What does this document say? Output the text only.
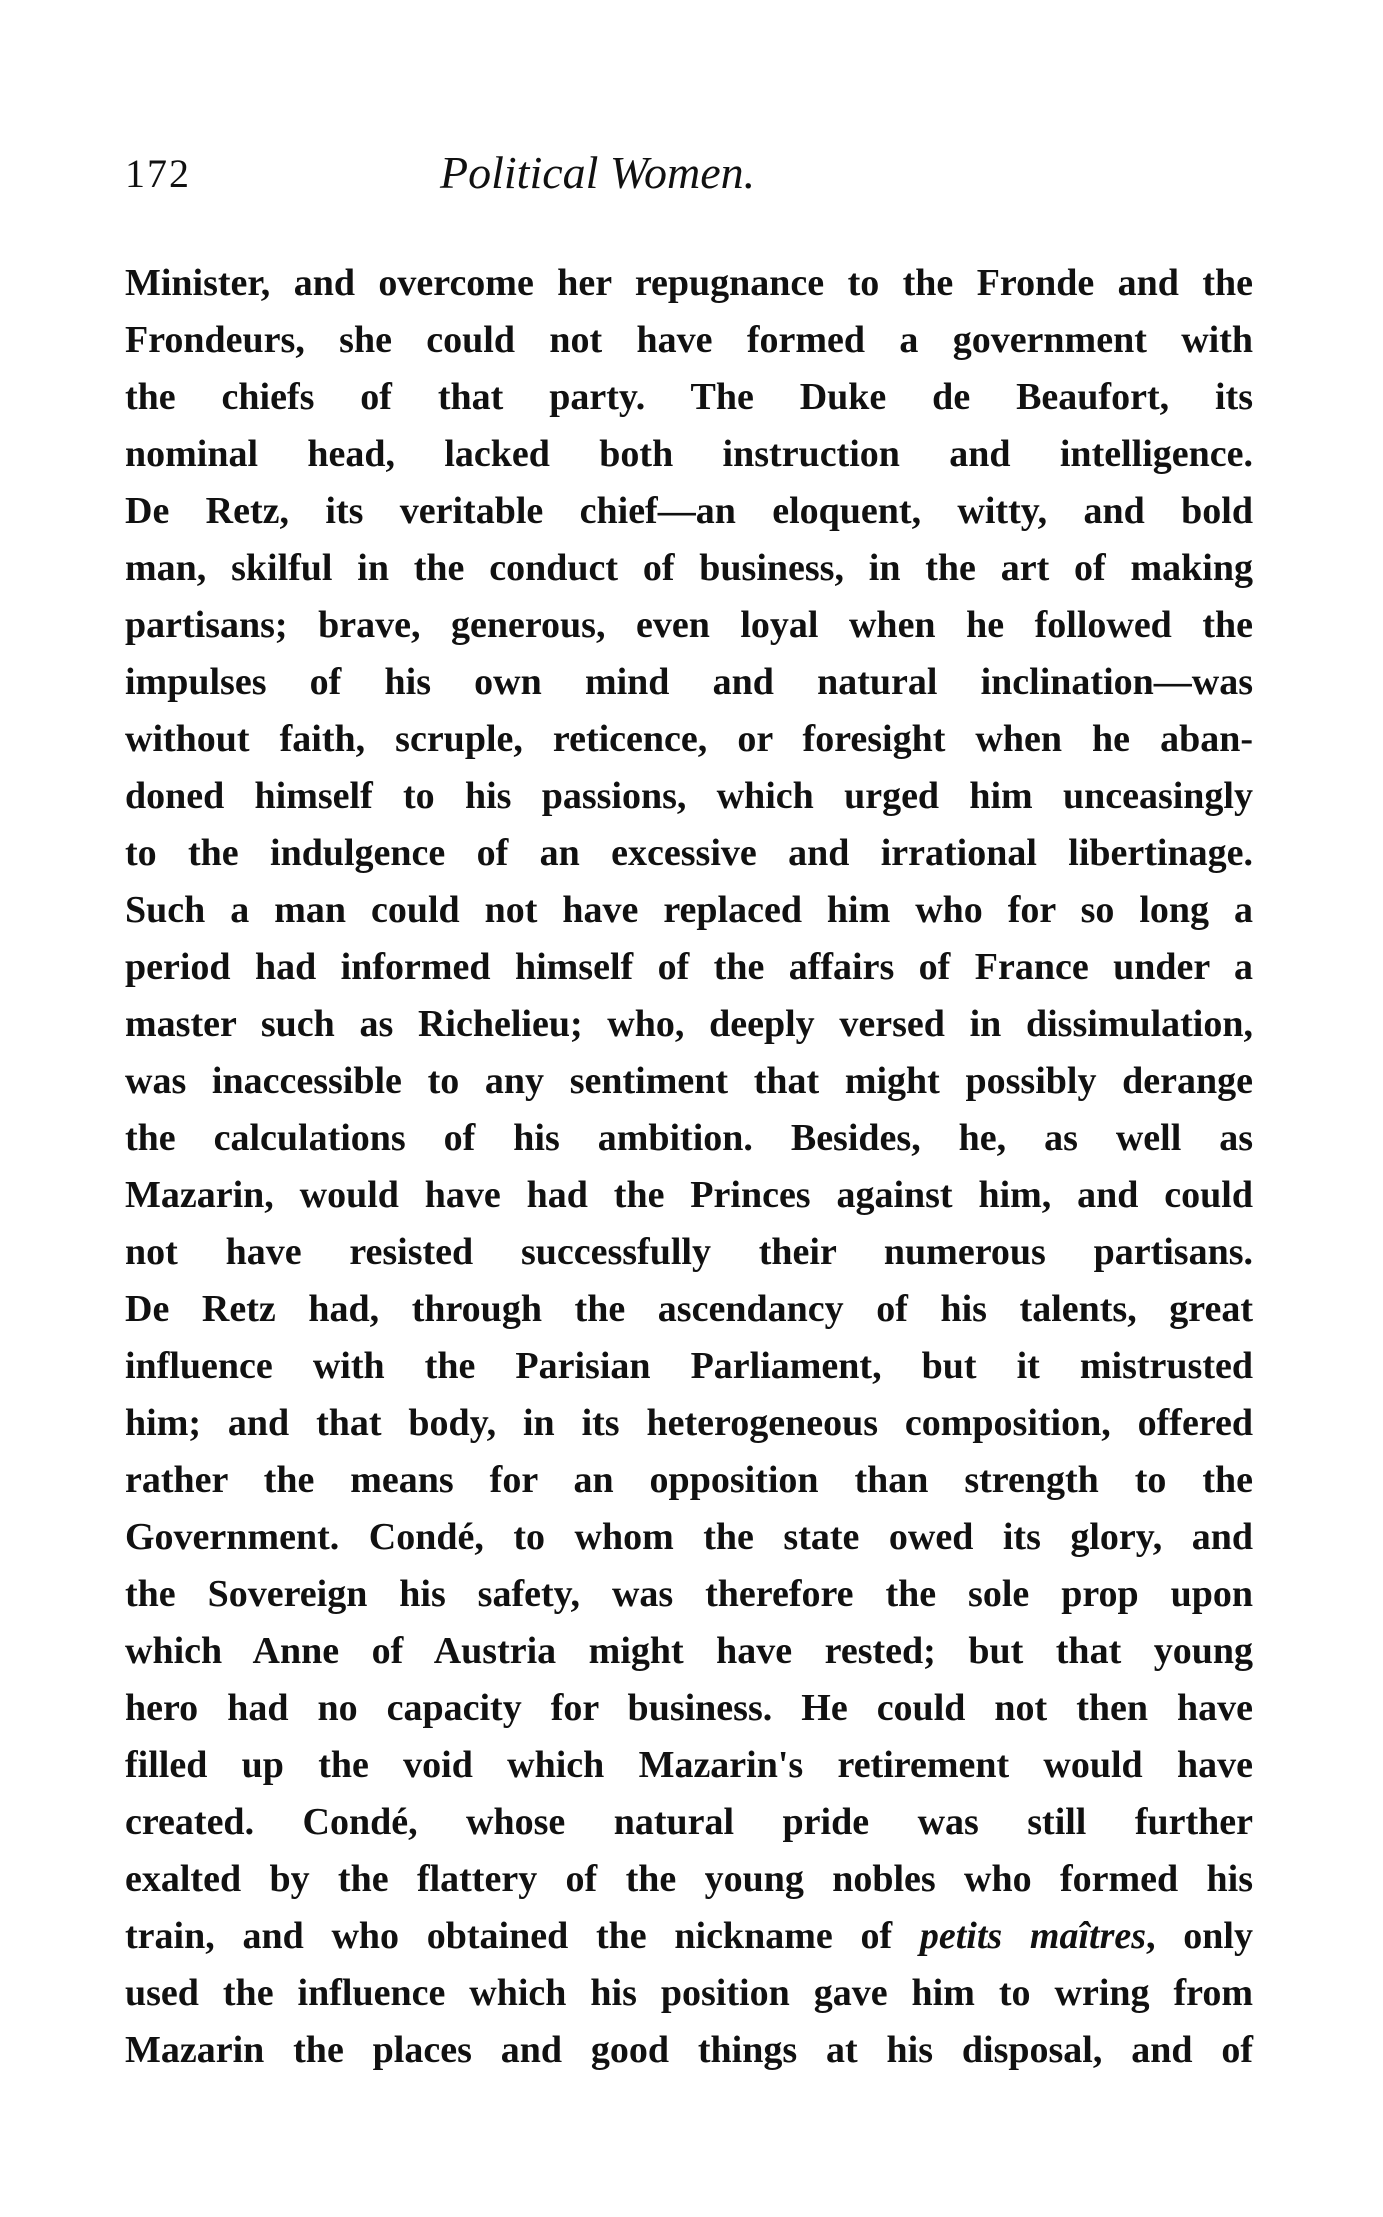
172	Political Women.
Minister, and overcome her repugnance to the Fronde and the
Frondeurs, she could not have formed a government with
the chiefs of that party. The Duke de Beaufort, its
nominal head, lacked both instruction and intelligence.
De Retz, its veritable chief—an eloquent, witty, and bold
man, skilful in the conduct of business, in the art of making
partisans; brave, generous, even loyal when he followed the
impulses of his own mind and natural inclination—was
without faith, scruple, reticence, or foresight when he aban-
doned himself to his passions, which urged him unceasingly
to the indulgence of an excessive and irrational libertinage.
Such a man could not have replaced him who for so long a
period had informed himself of the affairs of France under a
master such as Richelieu; who, deeply versed in dissimulation,
was inaccessible to any sentiment that might possibly derange
the calculations of his ambition. Besides, he, as well as
Mazarin, would have had the Princes against him, and could
not have resisted successfully their numerous partisans.
De Retz had, through the ascendancy of his talents, great
influence with the Parisian Parliament, but it mistrusted
him; and that body, in its heterogeneous composition, offered
rather the means for an opposition than strength to the
Government. Condé, to whom the state owed its glory, and
the Sovereign his safety, was therefore the sole prop upon
which Anne of Austria might have rested; but that young
hero had no capacity for business. He could not then have
filled up the void which Mazarin's retirement would have
created. Condé, whose natural pride was still further
exalted by the flattery of the young nobles who formed his
train, and who obtained the nickname of petits maîtres, only
used the influence which his position gave him to wring from
Mazarin the places and good things at his disposal, and of
